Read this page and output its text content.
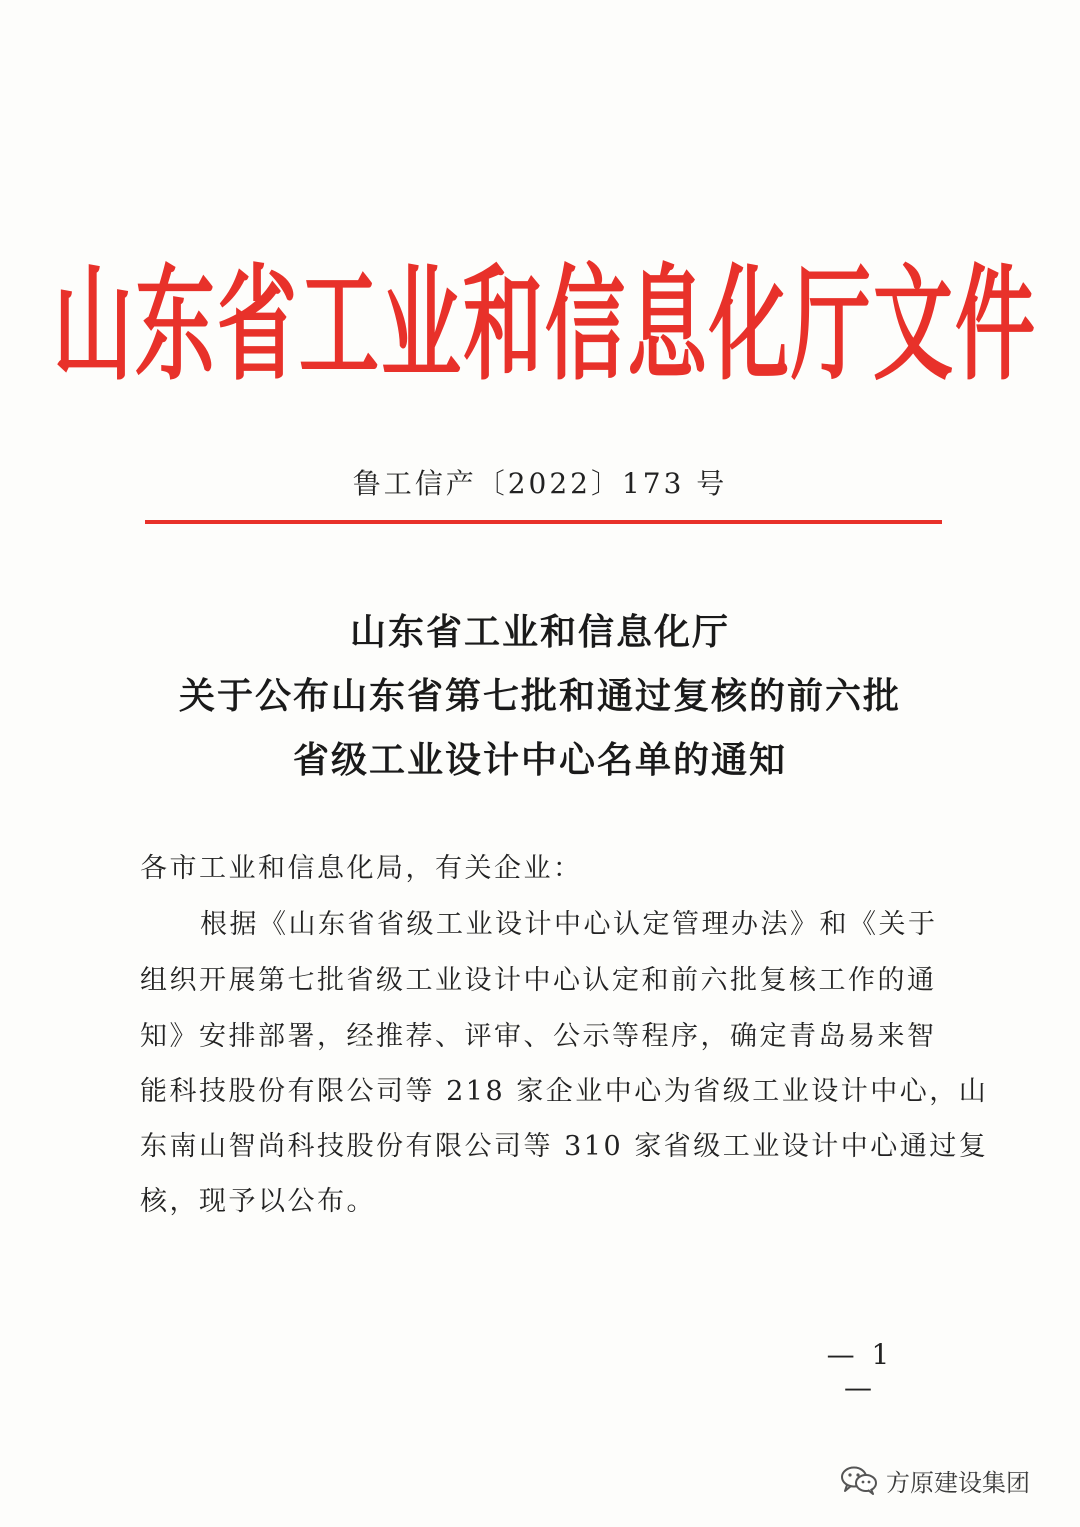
山东省工业和信息化厅文件
鲁工信产〔2022〕173 号
山东省工业和信息化厅
关于公布山东省第七批和通过复核的前六批
省级工业设计中心名单的通知
各市工业和信息化局，有关企业：
根据《山东省省级工业设计中心认定管理办法》和《关于
组织开展第七批省级工业设计中心认定和前六批复核工作的通
知》安排部署，经推荐、评审、公示等程序，确定青岛易来智
能科技股份有限公司等 218 家企业中心为省级工业设计中心，山
东南山智尚科技股份有限公司等 310 家省级工业设计中心通过复
核，现予以公布。
— 1 —
方原建设集团
